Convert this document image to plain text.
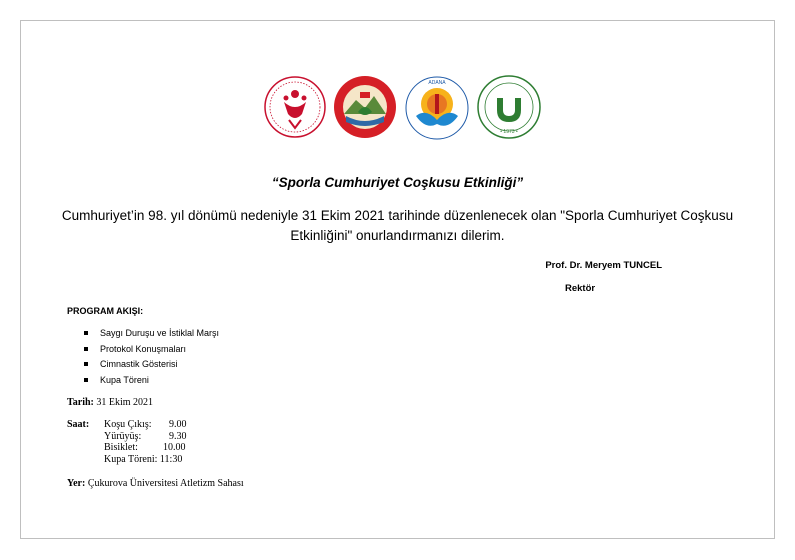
ADANA
• 1973 •
“Sporla Cumhuriyet Coşkusu Etkinliği”
Cumhuriyet’in 98. yıl dönümü nedeniyle 31 Ekim 2021 tarihinde düzenlenecek olan "Sporla Cumhuriyet Coşkusu Etkinliğini" onurlandırmanızı dilerim.
Prof. Dr. Meryem TUNCEL
Rektör
PROGRAM AKIŞI:
Saygı Duruşu ve İstiklal Marşı
Protokol Konuşmaları
Cimnastik Gösterisi
Kupa Töreni
Tarih: 31 Ekim 2021
Saat: Koşu Çıkış: 9.00
Yürüyüş:	9.30
Bisiklet:	10.00
Kupa Töreni: 11:30
Yer: Çukurova Üniversitesi Atletizm Sahası
